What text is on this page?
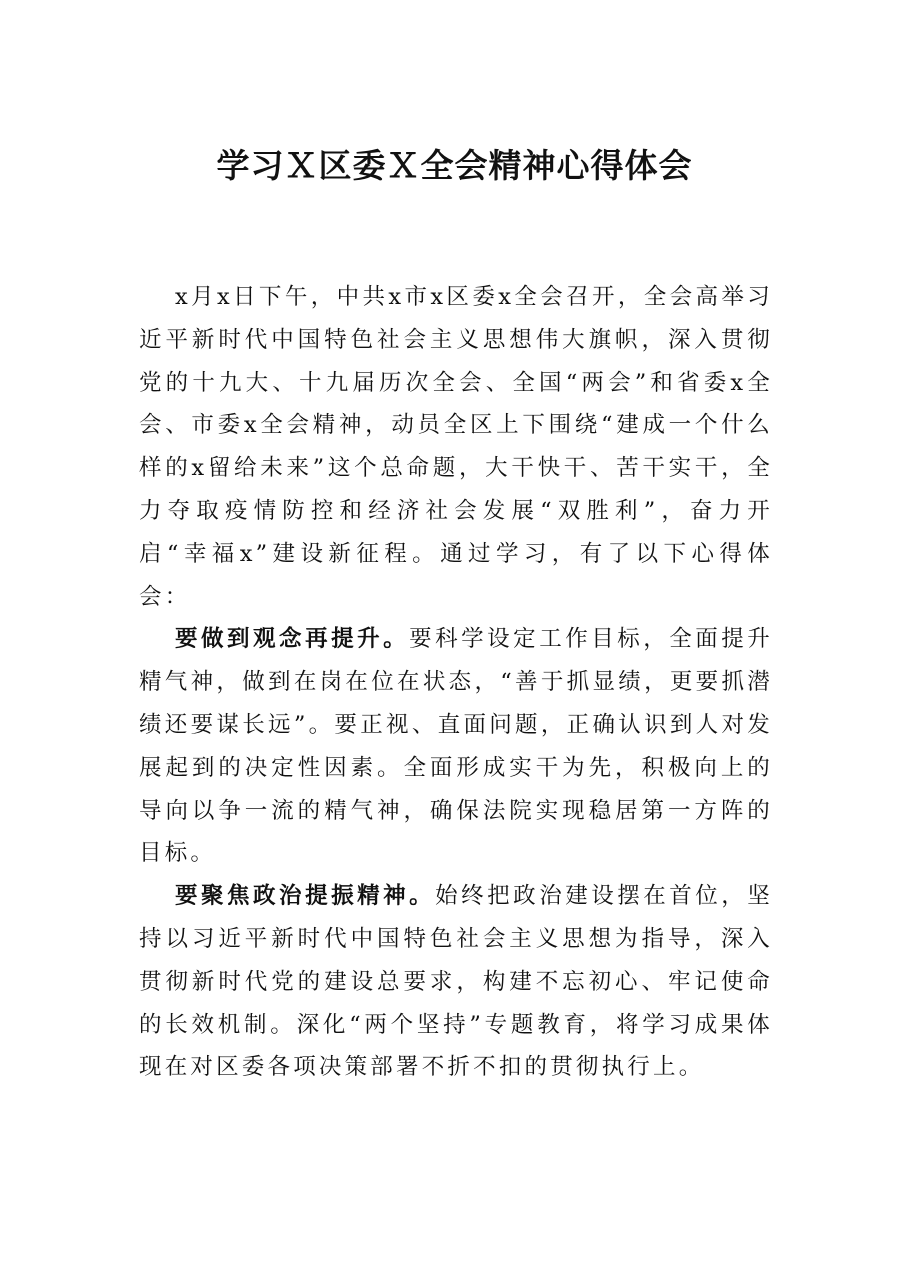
学习Ｘ区委Ｘ全会精神心得体会

x月x日下午，中共x市x区委x全会召开，全会高举习近平新时代中国特色社会主义思想伟大旗帜，深入贯彻党的十九大、十九届历次全会、全国“两会”和省委x全会、市委x全会精神，动员全区上下围绕“建成一个什么样的x留给未来”这个总命题，大干快干、苦干实干，全力夺取疫情防控和经济社会发展“双胜利”，奋力开启“幸福x”建设新征程。通过学习，有了以下心得体会：

要做到观念再提升。要科学设定工作目标，全面提升精气神，做到在岗在位在状态，“善于抓显绩，更要抓潜绩还要谋长远”。要正视、直面问题，正确认识到人对发展起到的决定性因素。全面形成实干为先，积极向上的导向以争一流的精气神，确保法院实现稳居第一方阵的目标。

要聚焦政治提振精神。始终把政治建设摆在首位，坚持以习近平新时代中国特色社会主义思想为指导，深入贯彻新时代党的建设总要求，构建不忘初心、牢记使命的长效机制。深化“两个坚持”专题教育，将学习成果体现在对区委各项决策部署不折不扣的贯彻执行上。
